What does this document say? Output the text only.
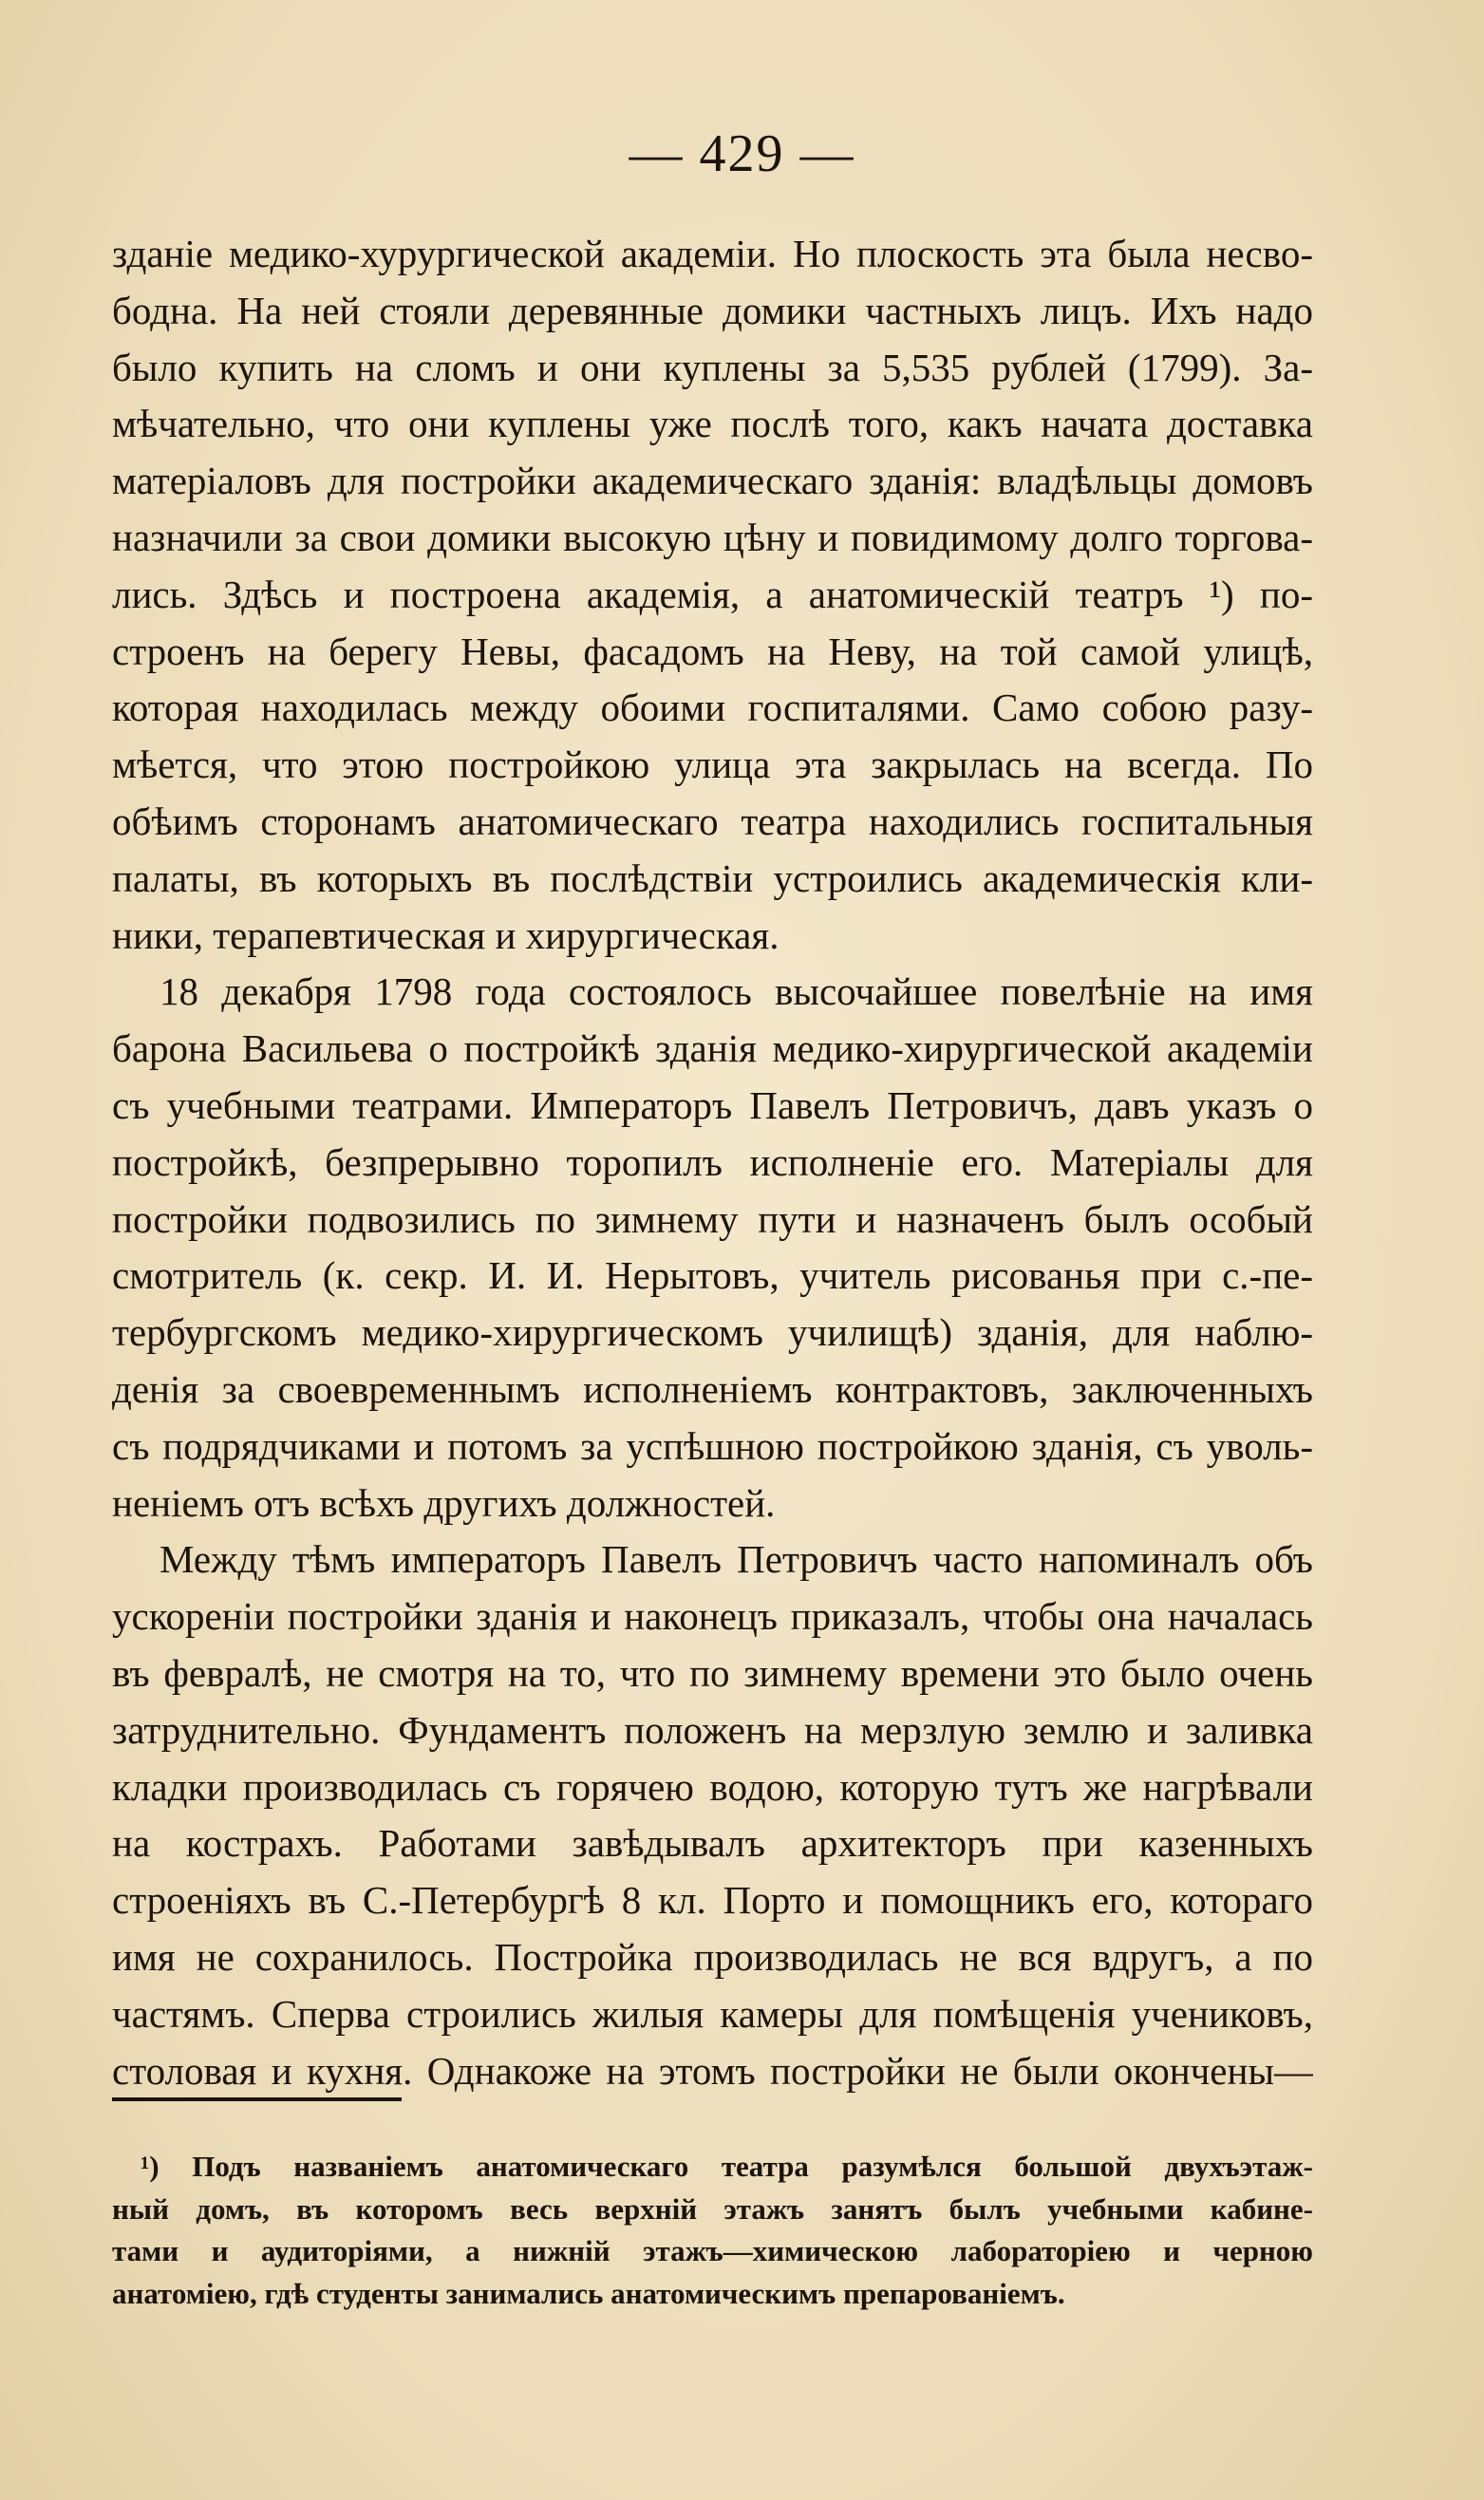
— 429 —
зданіе медико-хурургической академіи. Но плоскость эта была несво-
бодна. На ней стояли деревянные домики частныхъ лицъ. Ихъ надо
было купить на сломъ и они куплены за 5,535 рублей (1799). За-
мѣчательно, что они куплены уже послѣ того, какъ начата доставка
матеріаловъ для постройки академическаго зданія: владѣльцы домовъ
назначили за свои домики высокую цѣну и повидимому долго торгова-
лись. Здѣсь и построена академія, а анатомическій театръ ¹) по-
строенъ на берегу Невы, фасадомъ на Неву, на той самой улицѣ,
которая находилась между обоими госпиталями. Само собою разу-
мѣется, что этою постройкою улица эта закрылась на всегда. По
обѣимъ сторонамъ анатомическаго театра находились госпитальныя
палаты, въ которыхъ въ послѣдствіи устроились академическія кли-
ники, терапевтическая и хирургическая.
18 декабря 1798 года состоялось высочайшее повелѣніе на имя
барона Васильева о постройкѣ зданія медико-хирургической академіи
съ учебными театрами. Императоръ Павелъ Петровичъ, давъ указъ о
постройкѣ, безпрерывно торопилъ исполненіе его. Матеріалы для
постройки подвозились по зимнему пути и назначенъ былъ особый
смотритель (к. секр. И. И. Нерытовъ, учитель рисованья при с.-пе-
тербургскомъ медико-хирургическомъ училищѣ) зданія, для наблю-
денія за своевременнымъ исполненіемъ контрактовъ, заключенныхъ
съ подрядчиками и потомъ за успѣшною постройкою зданія, съ уволь-
неніемъ отъ всѣхъ другихъ должностей.
Между тѣмъ императоръ Павелъ Петровичъ часто напоминалъ объ
ускореніи постройки зданія и наконецъ приказалъ, чтобы она началась
въ февралѣ, не смотря на то, что по зимнему времени это было очень
затруднительно. Фундаментъ положенъ на мерзлую землю и заливка
кладки производилась съ горячею водою, которую тутъ же нагрѣвали
на кострахъ. Работами завѣдывалъ архитекторъ при казенныхъ
строеніяхъ въ С.-Петербургѣ 8 кл. Порто и помощникъ его, котораго
имя не сохранилось. Постройка производилась не вся вдругъ, а по
частямъ. Сперва строились жилыя камеры для помѣщенія учениковъ,
столовая и кухня. Однакоже на этомъ постройки не были окончены—
¹) Подъ названіемъ анатомическаго театра разумѣлся большой двухъэтаж-
ный домъ, въ которомъ весь верхній этажъ занятъ былъ учебными кабине-
тами и аудиторіями, а нижній этажъ—химическою лабораторіею и черною
анатоміею, гдѣ студенты занимались анатомическимъ препарованіемъ.
